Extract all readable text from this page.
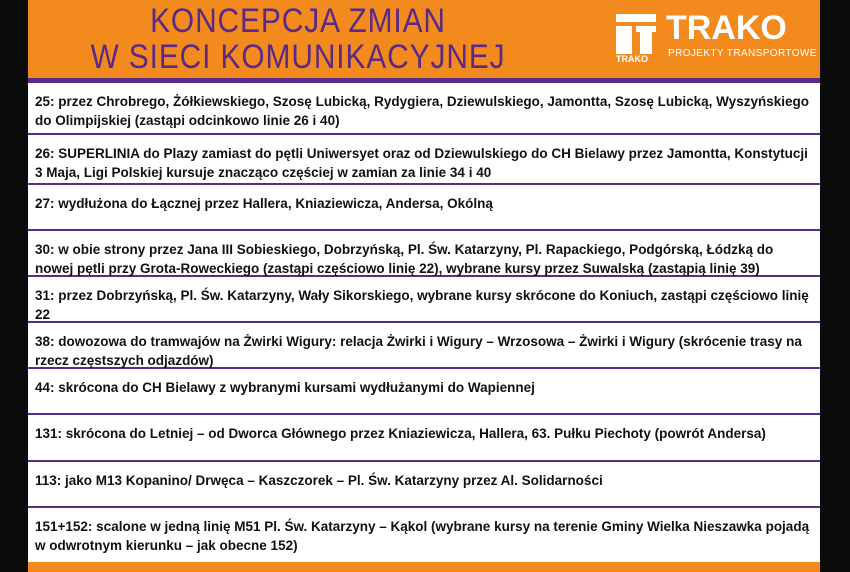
KONCEPCJA ZMIAN
W SIECI KOMUNIKACYJNEJ	TRAKO
TRAKO
PROJEKTY TRANSPORTOWE
25: przez Chrobrego, Żółkiewskiego, Szosę Lubicką, Rydygiera, Dziewulskiego, Jamontta, Szosę Lubicką, Wyszyńskiego do Olimpijskiej (zastąpi odcinkowo linie 26 i 40)
26: SUPERLINIA do Plazy zamiast do pętli Uniwersyet oraz od Dziewulskiego do CH Bielawy przez Jamontta, Konstytucji 3 Maja, Ligi Polskiej kursuje znacząco częściej w zamian za linie 34 i 40
27: wydłużona do Łącznej przez Hallera, Kniaziewicza, Andersa, Okólną
30: w obie strony przez Jana III Sobieskiego, Dobrzyńską, Pl. Św. Katarzyny, Pl. Rapackiego, Podgórską, Łódzką do nowej pętli przy Grota-Roweckiego (zastąpi częściowo linię 22), wybrane kursy przez Suwalską (zastąpią linię 39)
31: przez Dobrzyńską, Pl. Św. Katarzyny, Wały Sikorskiego, wybrane kursy skrócone do Koniuch, zastąpi częściowo linię 22
38: dowozowa do tramwajów na Żwirki Wigury: relacja Żwirki i Wigury – Wrzosowa – Żwirki i Wigury (skrócenie trasy na rzecz częstszych odjazdów)
44: skrócona do CH Bielawy z wybranymi kursami wydłużanymi do Wapiennej
131: skrócona do Letniej – od Dworca Głównego przez Kniaziewicza, Hallera, 63. Pułku Piechoty (powrót Andersa)
113: jako M13 Kopanino/ Drwęca – Kaszczorek – Pl. Św. Katarzyny przez Al. Solidarności
151+152: scalone w jedną linię M51 Pl. Św. Katarzyny – Kąkol (wybrane kursy na terenie Gminy Wielka Nieszawka pojadą w odwrotnym kierunku – jak obecne 152)
